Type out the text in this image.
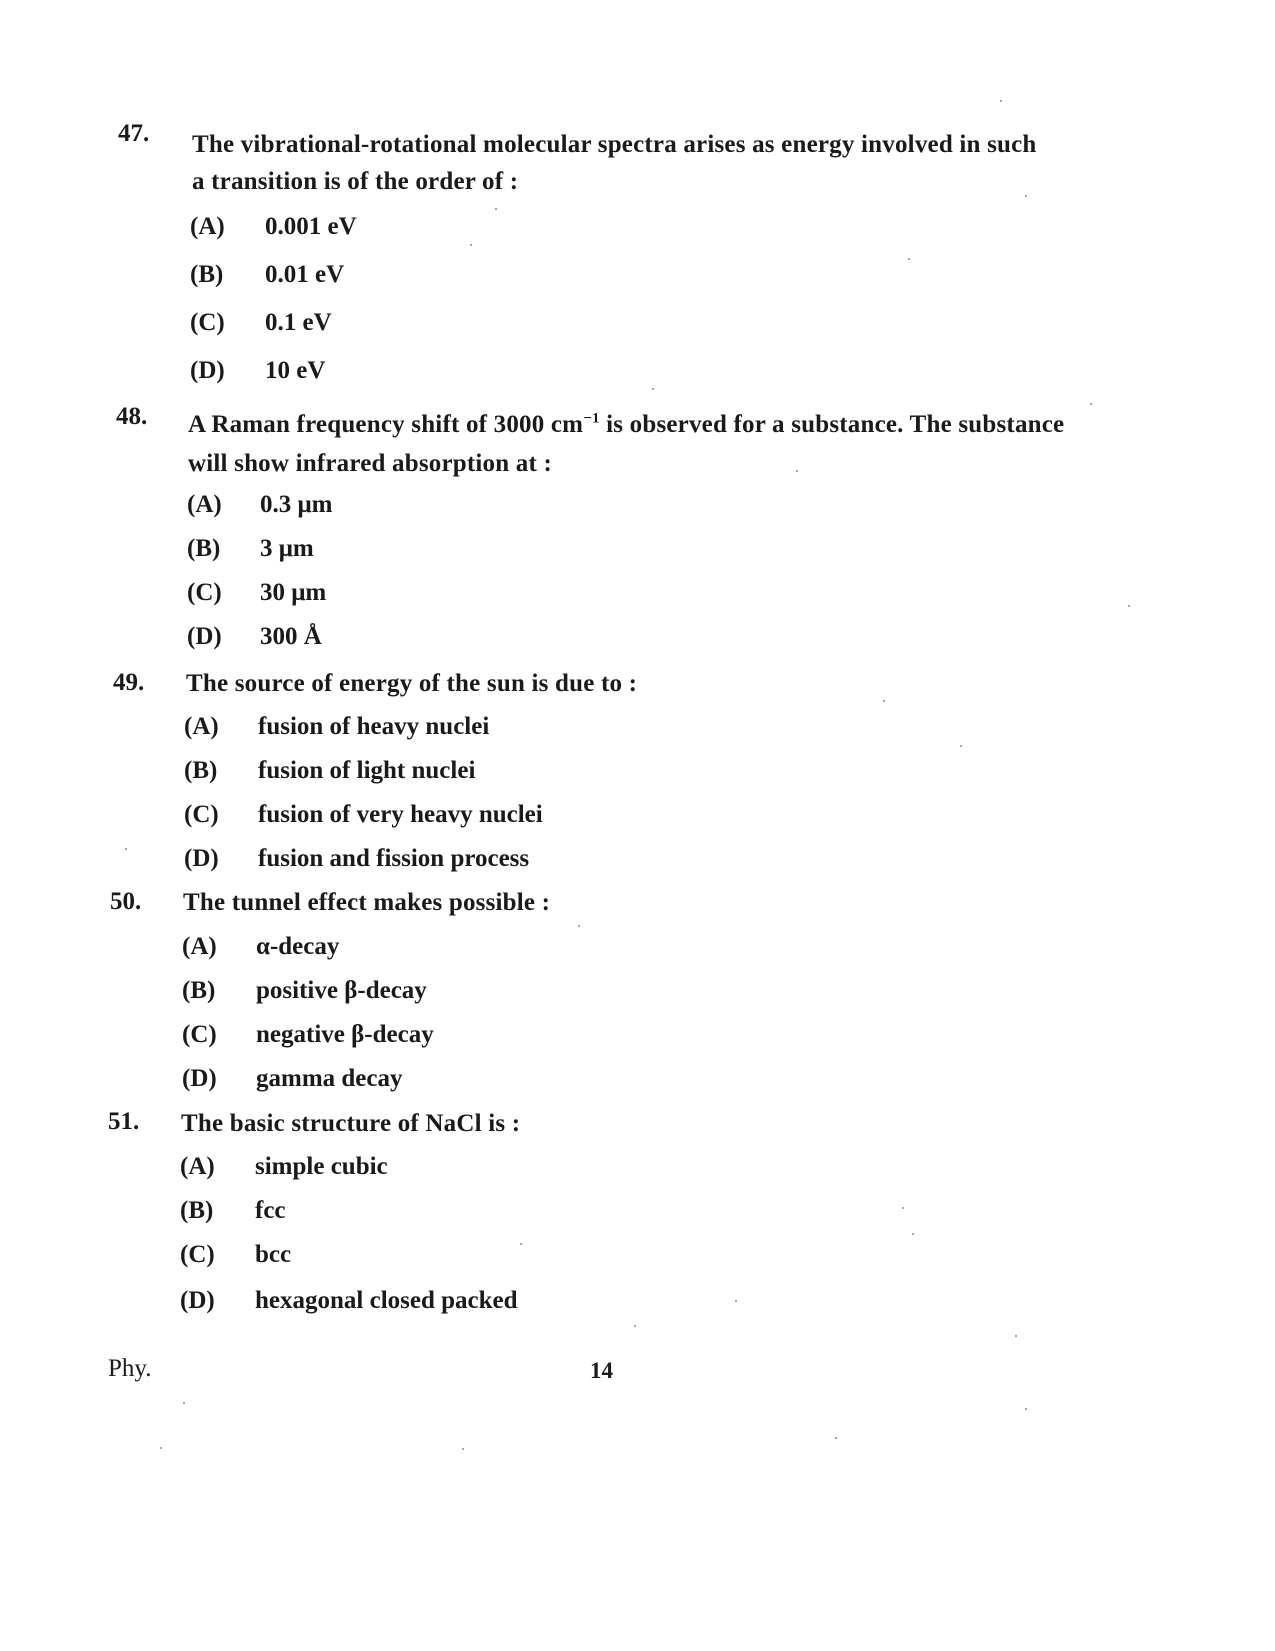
47. The vibrational-rotational molecular spectra arises as energy involved in such
a transition is of the order of :
(A) 0.001 eV
(B) 0.01 eV
(C) 0.1 eV
(D) 10 eV
48. A Raman frequency shift of 3000 $cm^{-1}$ is observed for a substance. The substance
will show infrared absorption at :
(A) 0.3 μm
(B) 3 μm
(C) 30 μm
(D) 300 Å
49. The source of energy of the sun is due to :
(A) fusion of heavy nuclei
(B) fusion of light nuclei
(C) fusion of very heavy nuclei
(D) fusion and fission process
50. The tunnel effect makes possible :
(A) α-decay
(B) positive β-decay
(C) negative β-decay
(D) gamma decay
51. The basic structure of NaCl is :
(A) simple cubic
(B) fcc
(C) bcc
(D) hexagonal closed packed
Phy.	14
